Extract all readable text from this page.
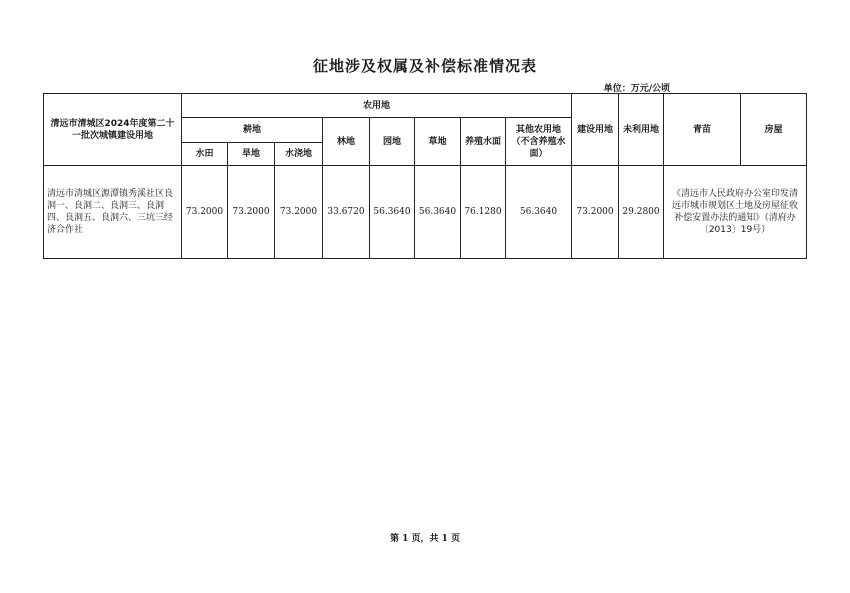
征地涉及权属及补偿标准情况表
单位：万元/公顷
清远市清城区2024年度第二十一批次城镇建设用地	农用地								建设用地	未利用地	青苗	房屋
	耕地			林地	园地	草地	养殖水面	其他农用地（不含养殖水面）				
	水田	旱地	水浇地									
清远市清城区源潭镇秀溪社区良洞一、良洞二、良洞三、良洞四、良洞五、良洞六、三坑三经济合作社	73.2000	73.2000	73.2000	33.6720	56.3640	56.3640	76.1280	56.3640	73.2000	29.2800	《清远市人民政府办公室印发清远市城市规划区土地及房屋征收补偿安置办法的通知》（清府办〔2013〕19号）	
第 1 页，共 1 页
